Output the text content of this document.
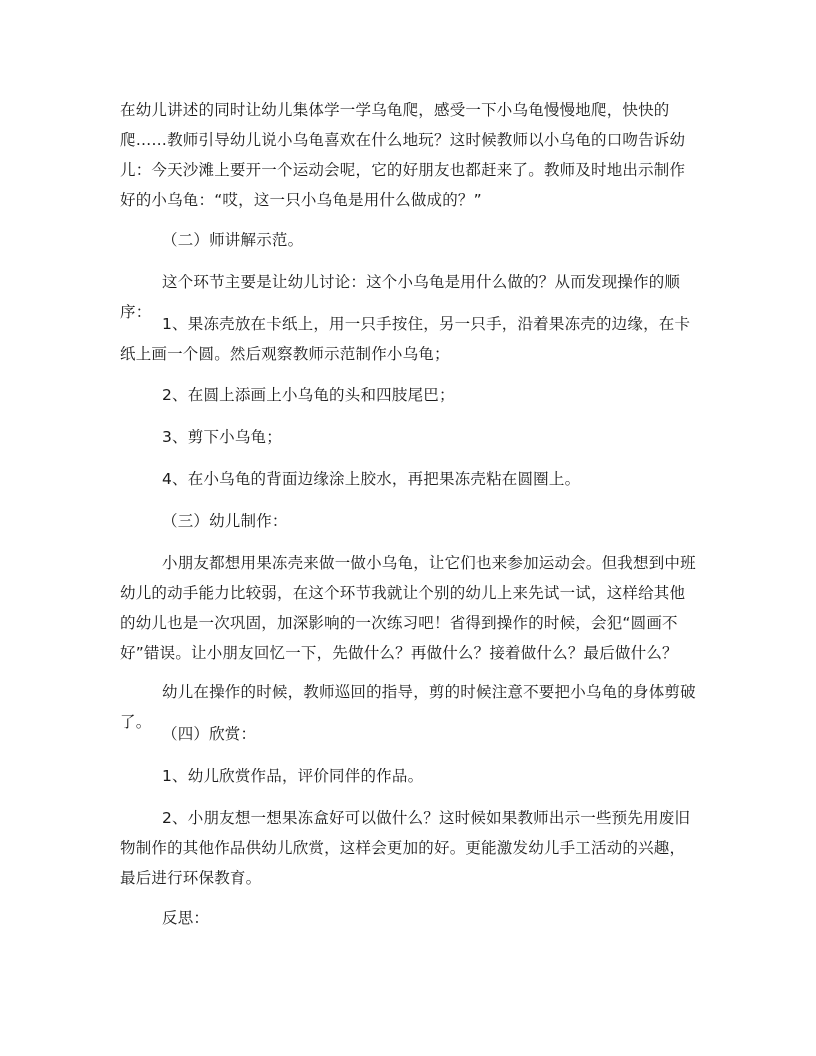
在幼儿讲述的同时让幼儿集体学一学乌龟爬，感受一下小乌龟慢慢地爬，快快的爬……教师引导幼儿说小乌龟喜欢在什么地玩？这时候教师以小乌龟的口吻告诉幼儿：今天沙滩上要开一个运动会呢，它的好朋友也都赶来了。教师及时地出示制作好的小乌龟：“哎，这一只小乌龟是用什么做成的？”

（二）师讲解示范。

这个环节主要是让幼儿讨论：这个小乌龟是用什么做的？从而发现操作的顺序：

1、果冻壳放在卡纸上，用一只手按住，另一只手，沿着果冻壳的边缘，在卡纸上画一个圆。然后观察教师示范制作小乌龟；

2、在圆上添画上小乌龟的头和四肢尾巴；

3、剪下小乌龟；

4、在小乌龟的背面边缘涂上胶水，再把果冻壳粘在圆圈上。

（三）幼儿制作：

小朋友都想用果冻壳来做一做小乌龟，让它们也来参加运动会。但我想到中班幼儿的动手能力比较弱，在这个环节我就让个别的幼儿上来先试一试，这样给其他的幼儿也是一次巩固，加深影响的一次练习吧！省得到操作的时候，会犯“圆画不好”错误。让小朋友回忆一下，先做什么？再做什么？接着做什么？最后做什么？

幼儿在操作的时候，教师巡回的指导，剪的时候注意不要把小乌龟的身体剪破了。

（四）欣赏：

1、幼儿欣赏作品，评价同伴的作品。

2、小朋友想一想果冻盒好可以做什么？这时候如果教师出示一些预先用废旧物制作的其他作品供幼儿欣赏，这样会更加的好。更能激发幼儿手工活动的兴趣，最后进行环保教育。

反思：
